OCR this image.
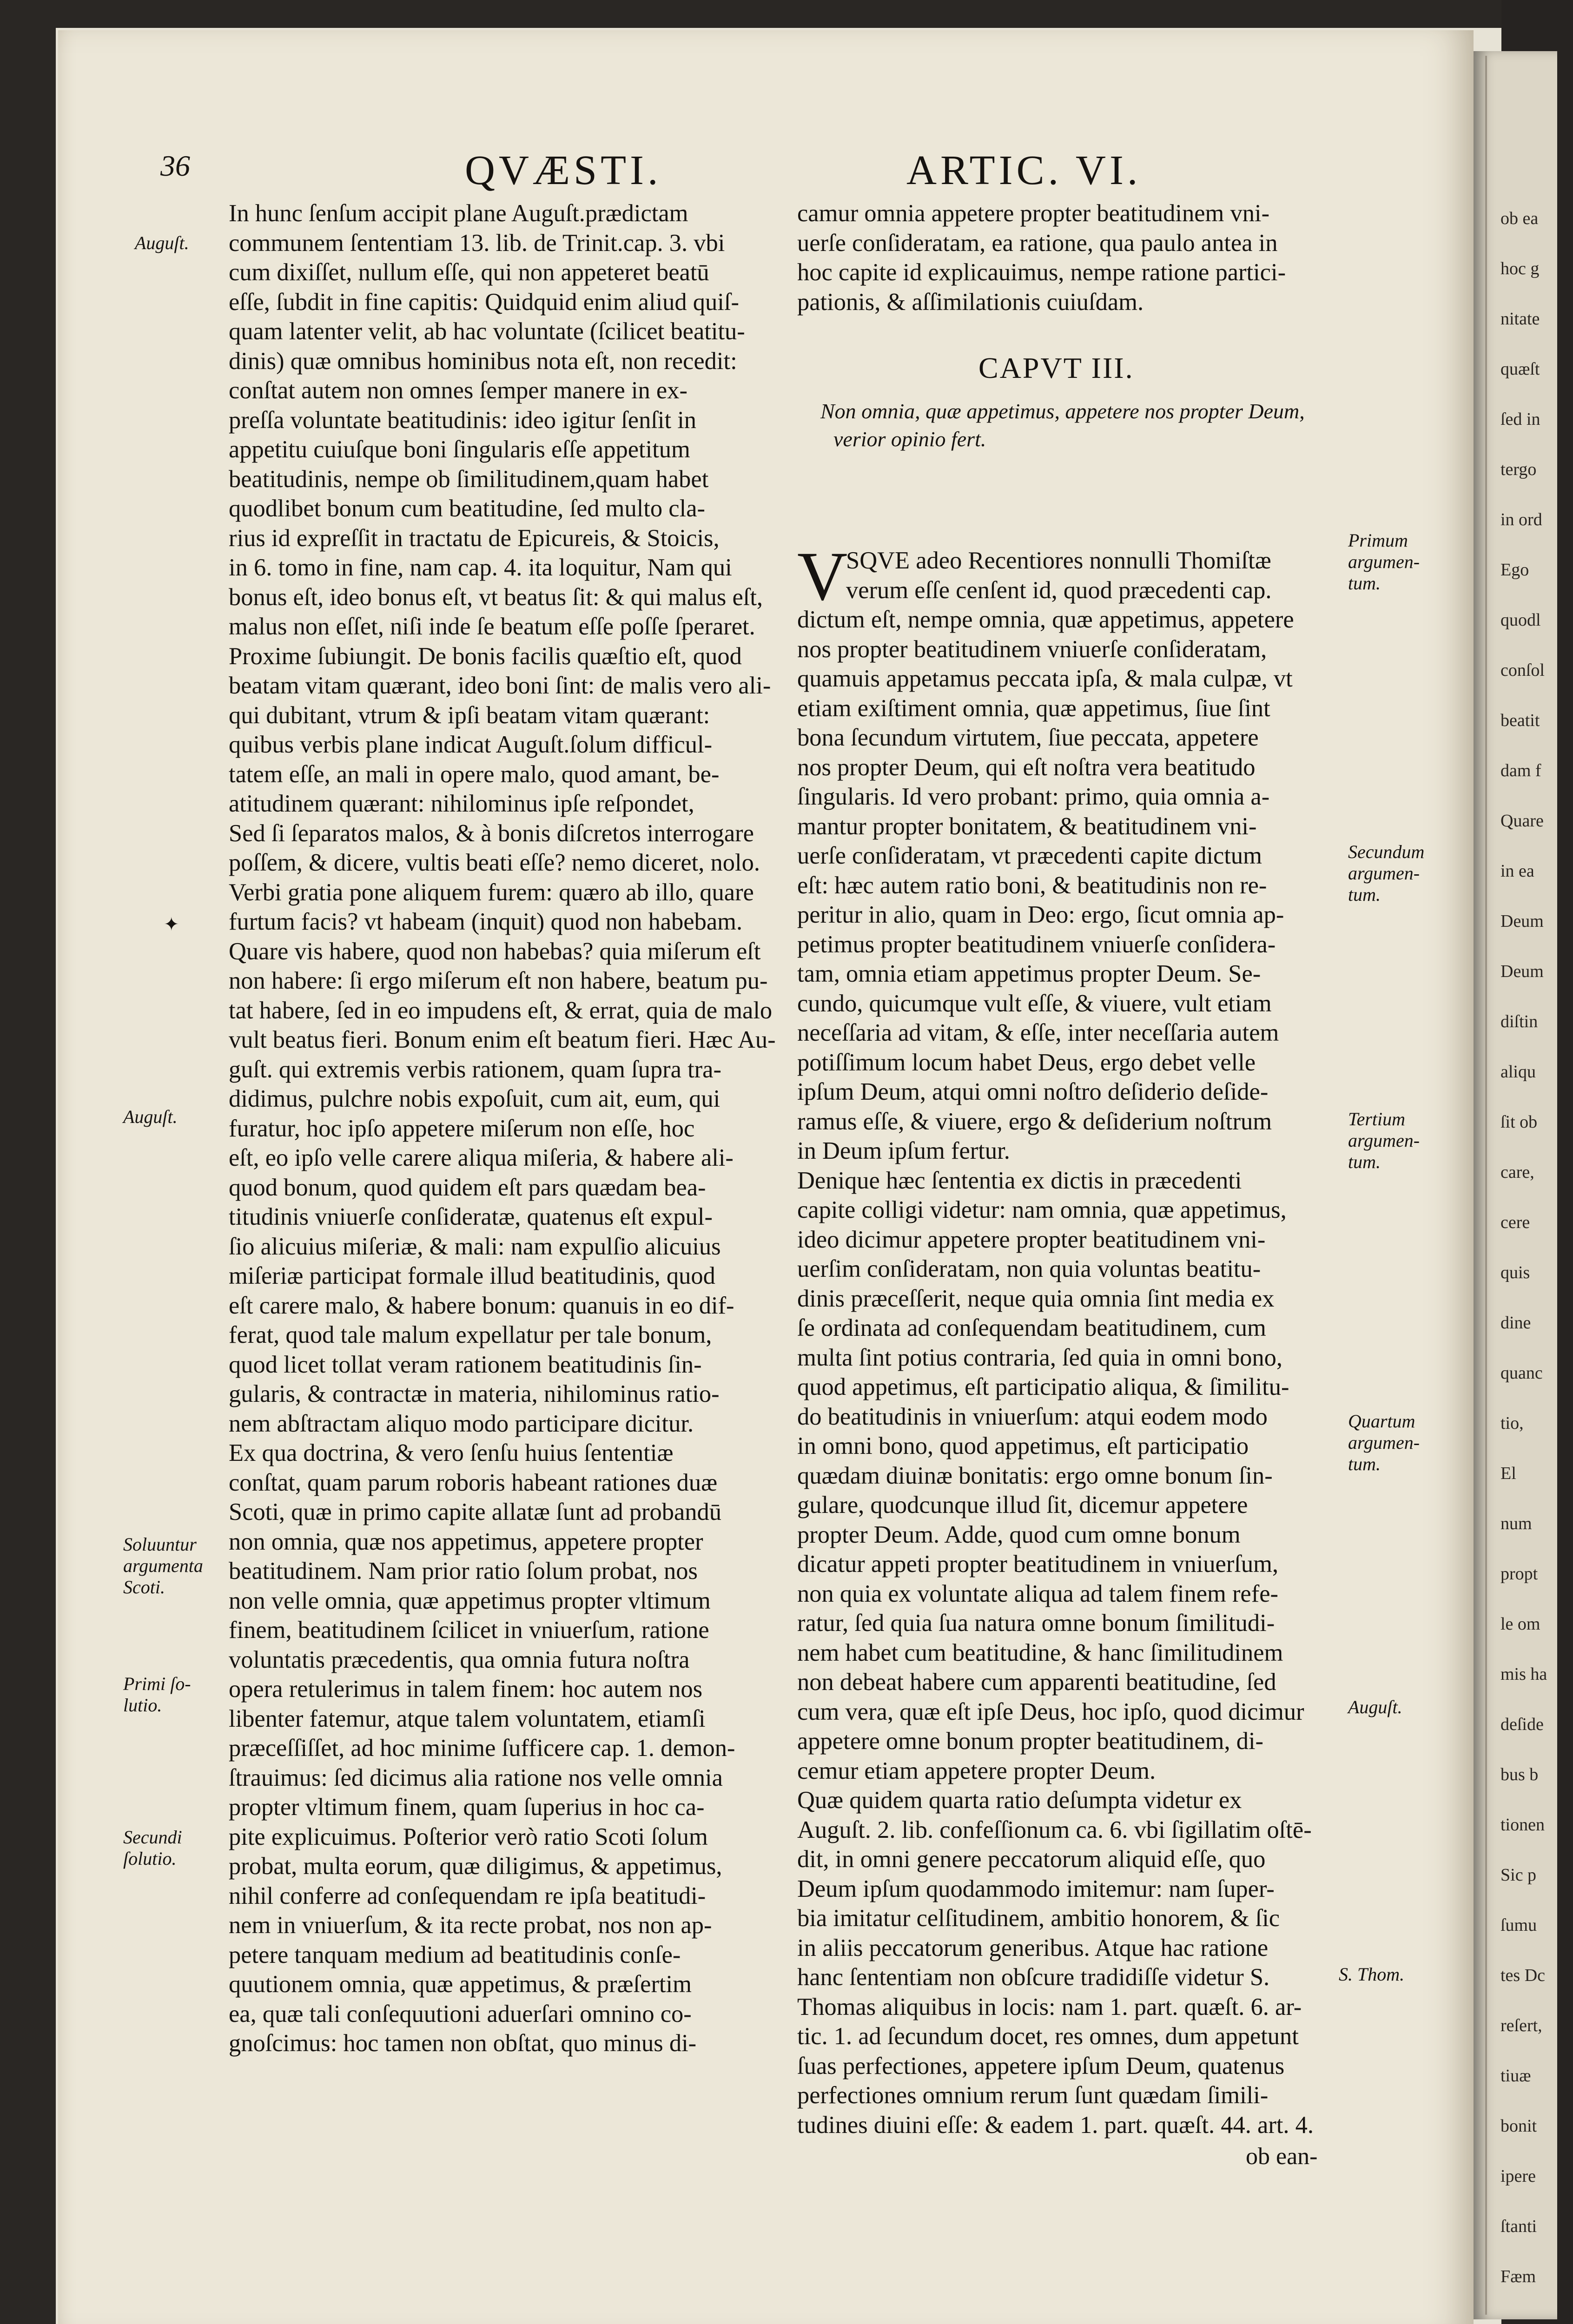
ob ea
hoc g
nitate
quæſt
ſed in
tergo
in ord
Ego
quodl
conſol
beatit
dam f
Quare
in ea
Deum
Deum
diſtin
aliqu
ſit ob
care,
cere
quis
dine
quanc
tio,
El
num
propt
le om
mis ha
deſide
bus b
tionen
Sic p
ſumu
tes Dc
reſert,
tiuæ
bonit
ipere
ſtanti
Fæm
36	QVÆSTI.	ARTIC. VI.
In hunc ſenſum accipit plane Auguſt.prædictam
communem ſententiam 13. lib. de Trinit.cap. 3. vbi
cum dixiſſet, nullum eſſe, qui non appeteret beatū
eſſe, ſubdit in fine capitis: Quidquid enim aliud quiſ-
quam latenter velit, ab hac voluntate (ſcilicet beatitu-
dinis) quæ omnibus hominibus nota eſt, non recedit:
conſtat autem non omnes ſemper manere in ex-
preſſa voluntate beatitudinis: ideo igitur ſenſit in
appetitu cuiuſque boni ſingularis eſſe appetitum
beatitudinis, nempe ob ſimilitudinem,quam habet
quodlibet bonum cum beatitudine, ſed multo cla-
rius id expreſſit in tractatu de Epicureis, & Stoicis,
in 6. tomo in fine, nam cap. 4. ita loquitur, Nam qui
bonus eſt, ideo bonus eſt, vt beatus ſit: & qui malus eſt,
malus non eſſet, niſi inde ſe beatum eſſe poſſe ſperaret.
Proxime ſubiungit. De bonis facilis quæſtio eſt, quod
beatam vitam quærant, ideo boni ſint: de malis vero ali-
qui dubitant, vtrum & ipſi beatam vitam quærant:
quibus verbis plane indicat Auguſt.ſolum difficul-
tatem eſſe, an mali in opere malo, quod amant, be-
atitudinem quærant: nihilominus ipſe reſpondet,
Sed ſi ſeparatos malos, & à bonis diſcretos interrogare
poſſem, & dicere, vultis beati eſſe? nemo diceret, nolo.
Verbi gratia pone aliquem furem: quæro ab illo, quare
furtum facis? vt habeam (inquit) quod non habebam.
Quare vis habere, quod non habebas? quia miſerum eſt
non habere: ſi ergo miſerum eſt non habere, beatum pu-
tat habere, ſed in eo impudens eſt, & errat, quia de malo
vult beatus fieri. Bonum enim eſt beatum fieri. Hæc Au-
guſt. qui extremis verbis rationem, quam ſupra tra-
didimus, pulchre nobis expoſuit, cum ait, eum, qui
furatur, hoc ipſo appetere miſerum non eſſe, hoc
eſt, eo ipſo velle carere aliqua miſeria, & habere ali-
quod bonum, quod quidem eſt pars quædam bea-
titudinis vniuerſe conſideratæ, quatenus eſt expul-
ſio alicuius miſeriæ, & mali: nam expulſio alicuius
miſeriæ participat formale illud beatitudinis, quod
eſt carere malo, & habere bonum: quanuis in eo dif-
ferat, quod tale malum expellatur per tale bonum,
quod licet tollat veram rationem beatitudinis ſin-
gularis, & contractæ in materia, nihilominus ratio-
nem abſtractam aliquo modo participare dicitur.
Ex qua doctrina, & vero ſenſu huius ſententiæ
conſtat, quam parum roboris habeant rationes duæ
Scoti, quæ in primo capite allatæ ſunt ad probandū
non omnia, quæ nos appetimus, appetere propter
beatitudinem. Nam prior ratio ſolum probat, nos
non velle omnia, quæ appetimus propter vltimum
finem, beatitudinem ſcilicet in vniuerſum, ratione
voluntatis præcedentis, qua omnia futura noſtra
opera retulerimus in talem finem: hoc autem nos
libenter fatemur, atque talem voluntatem, etiamſi
præceſſiſſet, ad hoc minime ſufficere cap. 1. demon-
ſtrauimus: ſed dicimus alia ratione nos velle omnia
propter vltimum finem, quam ſuperius in hoc ca-
pite explicuimus. Poſterior verò ratio Scoti ſolum
probat, multa eorum, quæ diligimus, & appetimus,
nihil conferre ad conſequendam re ipſa beatitudi-
nem in vniuerſum, & ita recte probat, nos non ap-
petere tanquam medium ad beatitudinis conſe-
quutionem omnia, quæ appetimus, & præſertim
ea, quæ tali conſequutioni aduerſari omnino co-
gnoſcimus: hoc tamen non obſtat, quo minus di-
camur omnia appetere propter beatitudinem vni-
uerſe conſideratam, ea ratione, qua paulo antea in
hoc capite id explicauimus, nempe ratione partici-
pationis, & aſſimilationis cuiuſdam.
CAPVT III.
Non omnia, quæ appetimus, appetere nos propter Deum,
verior opinio fert.
V
SQVE adeo Recentiores nonnulli Thomiſtæ
verum eſſe cenſent id, quod præcedenti cap.
dictum eſt, nempe omnia, quæ appetimus, appetere
nos propter beatitudinem vniuerſe conſideratam,
quamuis appetamus peccata ipſa, & mala culpæ, vt
etiam exiſtiment omnia, quæ appetimus, ſiue ſint
bona ſecundum virtutem, ſiue peccata, appetere
nos propter Deum, qui eſt noſtra vera beatitudo
ſingularis. Id vero probant: primo, quia omnia a-
mantur propter bonitatem, & beatitudinem vni-
uerſe conſideratam, vt præcedenti capite dictum
eſt: hæc autem ratio boni, & beatitudinis non re-
peritur in alio, quam in Deo: ergo, ſicut omnia ap-
petimus propter beatitudinem vniuerſe conſidera-
tam, omnia etiam appetimus propter Deum. Se-
cundo, quicumque vult eſſe, & viuere, vult etiam
neceſſaria ad vitam, & eſſe, inter neceſſaria autem
potiſſimum locum habet Deus, ergo debet velle
ipſum Deum, atqui omni noſtro deſiderio deſide-
ramus eſſe, & viuere, ergo & deſiderium noſtrum
in Deum ipſum fertur.
Denique hæc ſententia ex dictis in præcedenti
capite colligi videtur: nam omnia, quæ appetimus,
ideo dicimur appetere propter beatitudinem vni-
uerſim conſideratam, non quia voluntas beatitu-
dinis præceſſerit, neque quia omnia ſint media ex
ſe ordinata ad conſequendam beatitudinem, cum
multa ſint potius contraria, ſed quia in omni bono,
quod appetimus, eſt participatio aliqua, & ſimilitu-
do beatitudinis in vniuerſum: atqui eodem modo
in omni bono, quod appetimus, eſt participatio
quædam diuinæ bonitatis: ergo omne bonum ſin-
gulare, quodcunque illud ſit, dicemur appetere
propter Deum. Adde, quod cum omne bonum
dicatur appeti propter beatitudinem in vniuerſum,
non quia ex voluntate aliqua ad talem finem refe-
ratur, ſed quia ſua natura omne bonum ſimilitudi-
nem habet cum beatitudine, & hanc ſimilitudinem
non debeat habere cum apparenti beatitudine, ſed
cum vera, quæ eſt ipſe Deus, hoc ipſo, quod dicimur
appetere omne bonum propter beatitudinem, di-
cemur etiam appetere propter Deum.
Quæ quidem quarta ratio deſumpta videtur ex
Auguſt. 2. lib. confeſſionum ca. 6. vbi ſigillatim oſtē-
dit, in omni genere peccatorum aliquid eſſe, quo
Deum ipſum quodammodo imitemur: nam ſuper-
bia imitatur celſitudinem, ambitio honorem, & ſic
in aliis peccatorum generibus. Atque hac ratione
hanc ſententiam non obſcure tradidiſſe videtur S.
Thomas aliquibus in locis: nam 1. part. quæſt. 6. ar-
tic. 1. ad ſecundum docet, res omnes, dum appetunt
ſuas perfectiones, appetere ipſum Deum, quatenus
perfectiones omnium rerum ſunt quædam ſimili-
tudines diuini eſſe: & eadem 1. part. quæſt. 44. art. 4.
Auguſt.
Auguſt.
Soluuntur argumenta Scoti.
Primi ſo- lutio.
Secundi ſolutio.
Primum argumen- tum.
Secundum argumen- tum.
Tertium argumen- tum.
Quartum argumen- tum.
Auguſt.
S. Thom.
✦
ob ean-
